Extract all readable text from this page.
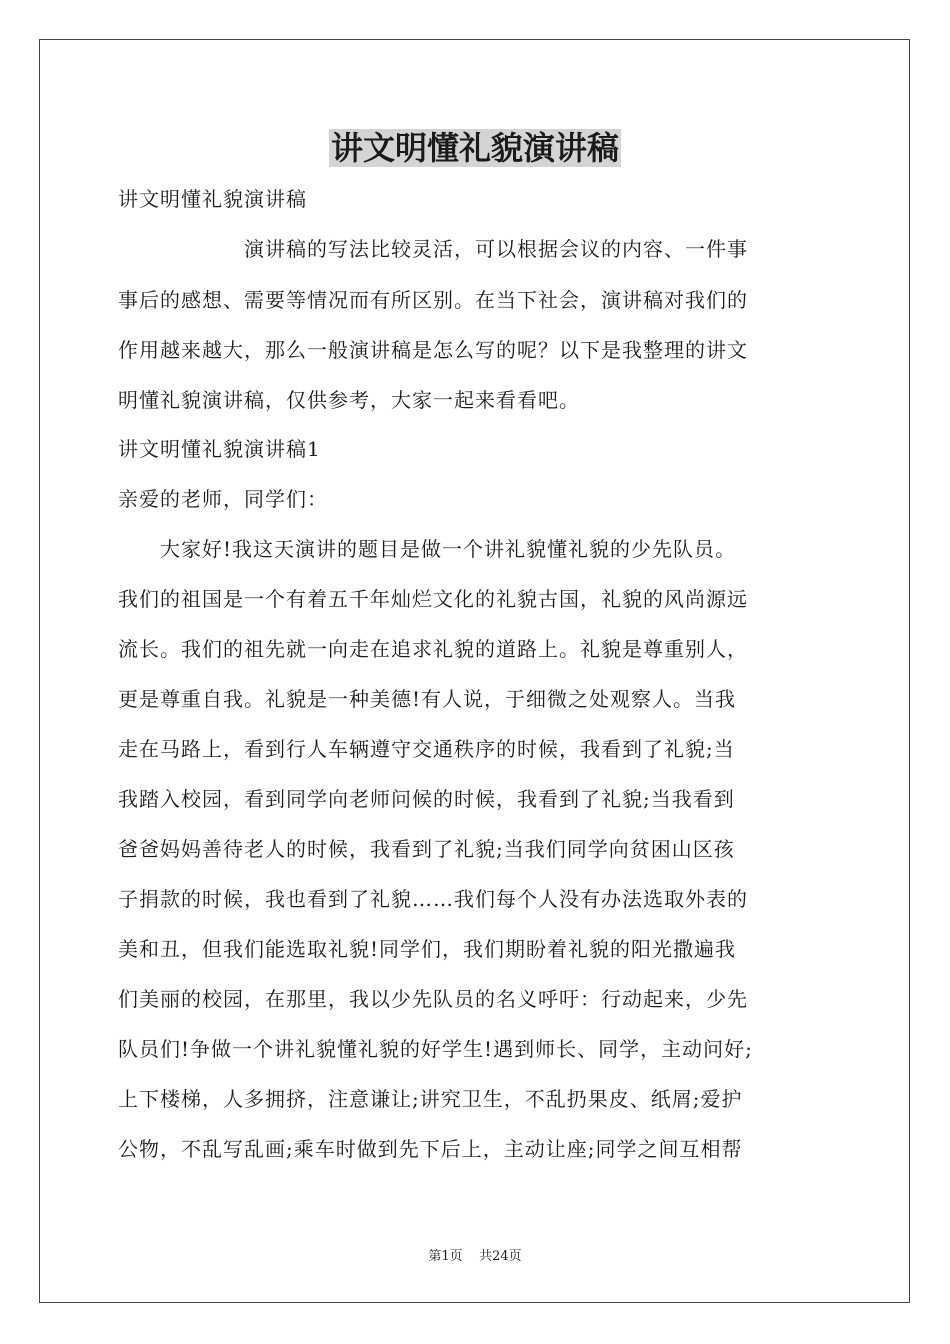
讲文明懂礼貌演讲稿
讲文明懂礼貌演讲稿
　　　　　　演讲稿的写法比较灵活，可以根据会议的内容、一件事
事后的感想、需要等情况而有所区别。在当下社会，演讲稿对我们的
作用越来越大，那么一般演讲稿是怎么写的呢？以下是我整理的讲文
明懂礼貌演讲稿，仅供参考，大家一起来看看吧。
讲文明懂礼貌演讲稿1
亲爱的老师，同学们：
　　大家好!我这天演讲的题目是做一个讲礼貌懂礼貌的少先队员。
我们的祖国是一个有着五千年灿烂文化的礼貌古国，礼貌的风尚源远
流长。我们的祖先就一向走在追求礼貌的道路上。礼貌是尊重别人，
更是尊重自我。礼貌是一种美德!有人说，于细微之处观察人。当我
走在马路上，看到行人车辆遵守交通秩序的时候，我看到了礼貌;当
我踏入校园，看到同学向老师问候的时候，我看到了礼貌;当我看到
爸爸妈妈善待老人的时候，我看到了礼貌;当我们同学向贫困山区孩
子捐款的时候，我也看到了礼貌……我们每个人没有办法选取外表的
美和丑，但我们能选取礼貌!同学们，我们期盼着礼貌的阳光撒遍我
们美丽的校园，在那里，我以少先队员的名义呼吁：行动起来，少先
队员们!争做一个讲礼貌懂礼貌的好学生!遇到师长、同学，主动问好;
上下楼梯，人多拥挤，注意谦让;讲究卫生，不乱扔果皮、纸屑;爱护
公物，不乱写乱画;乘车时做到先下后上，主动让座;同学之间互相帮
第1页 共24页
